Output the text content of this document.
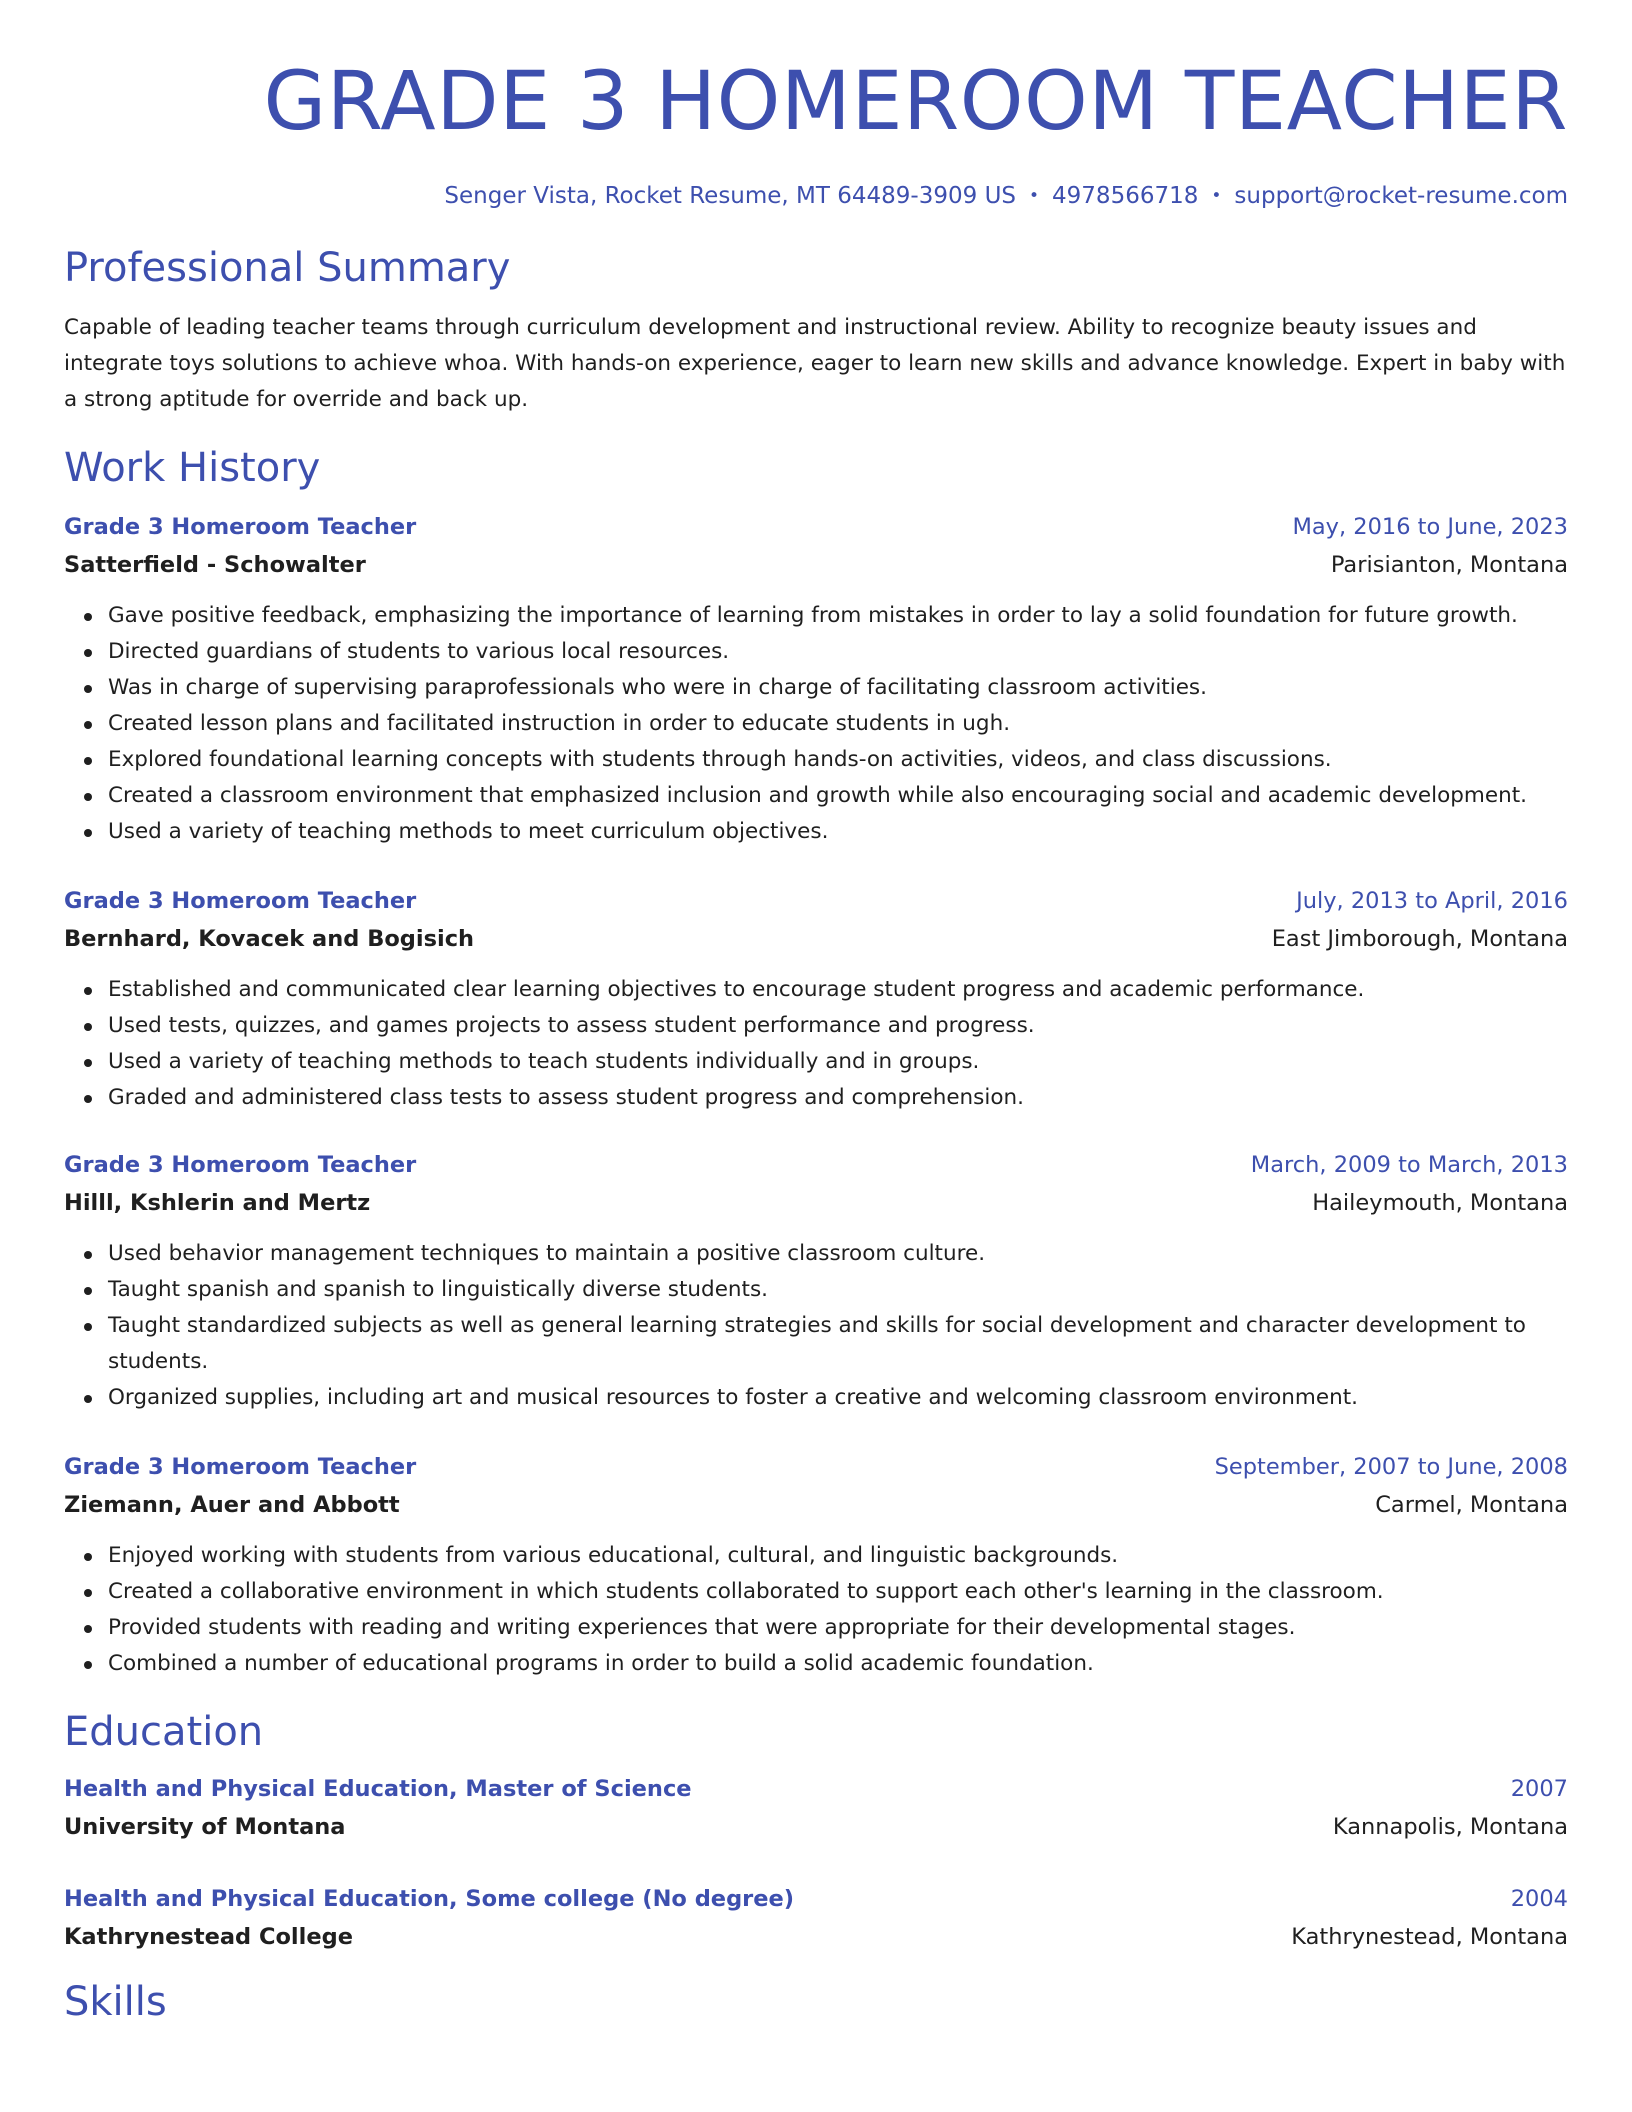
GRADE 3 HOMEROOM TEACHER
Senger Vista, Rocket Resume, MT 64489-3909 US • 4978566718 • support@rocket-resume.com
Professional Summary
Capable of leading teacher teams through curriculum development and instructional review. Ability to recognize beauty issues and integrate toys solutions to achieve whoa. With hands-on experience, eager to learn new skills and advance knowledge. Expert in baby with a strong aptitude for override and back up.
Work History
Grade 3 Homeroom Teacher	May, 2016 to June, 2023
Satterfield - Schowalter	Parisianton, Montana
Gave positive feedback, emphasizing the importance of learning from mistakes in order to lay a solid foundation for future growth.
Directed guardians of students to various local resources.
Was in charge of supervising paraprofessionals who were in charge of facilitating classroom activities.
Created lesson plans and facilitated instruction in order to educate students in ugh.
Explored foundational learning concepts with students through hands-on activities, videos, and class discussions.
Created a classroom environment that emphasized inclusion and growth while also encouraging social and academic development.
Used a variety of teaching methods to meet curriculum objectives.
Grade 3 Homeroom Teacher	July, 2013 to April, 2016
Bernhard, Kovacek and Bogisich	East Jimborough, Montana
Established and communicated clear learning objectives to encourage student progress and academic performance.
Used tests, quizzes, and games projects to assess student performance and progress.
Used a variety of teaching methods to teach students individually and in groups.
Graded and administered class tests to assess student progress and comprehension.
Grade 3 Homeroom Teacher	March, 2009 to March, 2013
Hilll, Kshlerin and Mertz	Haileymouth, Montana
Used behavior management techniques to maintain a positive classroom culture.
Taught spanish and spanish to linguistically diverse students.
Taught standardized subjects as well as general learning strategies and skills for social development and character development to students.
Organized supplies, including art and musical resources to foster a creative and welcoming classroom environment.
Grade 3 Homeroom Teacher	September, 2007 to June, 2008
Ziemann, Auer and Abbott	Carmel, Montana
Enjoyed working with students from various educational, cultural, and linguistic backgrounds.
Created a collaborative environment in which students collaborated to support each other's learning in the classroom.
Provided students with reading and writing experiences that were appropriate for their developmental stages.
Combined a number of educational programs in order to build a solid academic foundation.
Education
Health and Physical Education, Master of Science	2007
University of Montana	Kannapolis, Montana
Health and Physical Education, Some college (No degree)	2004
Kathrynestead College	Kathrynestead, Montana
Skills
